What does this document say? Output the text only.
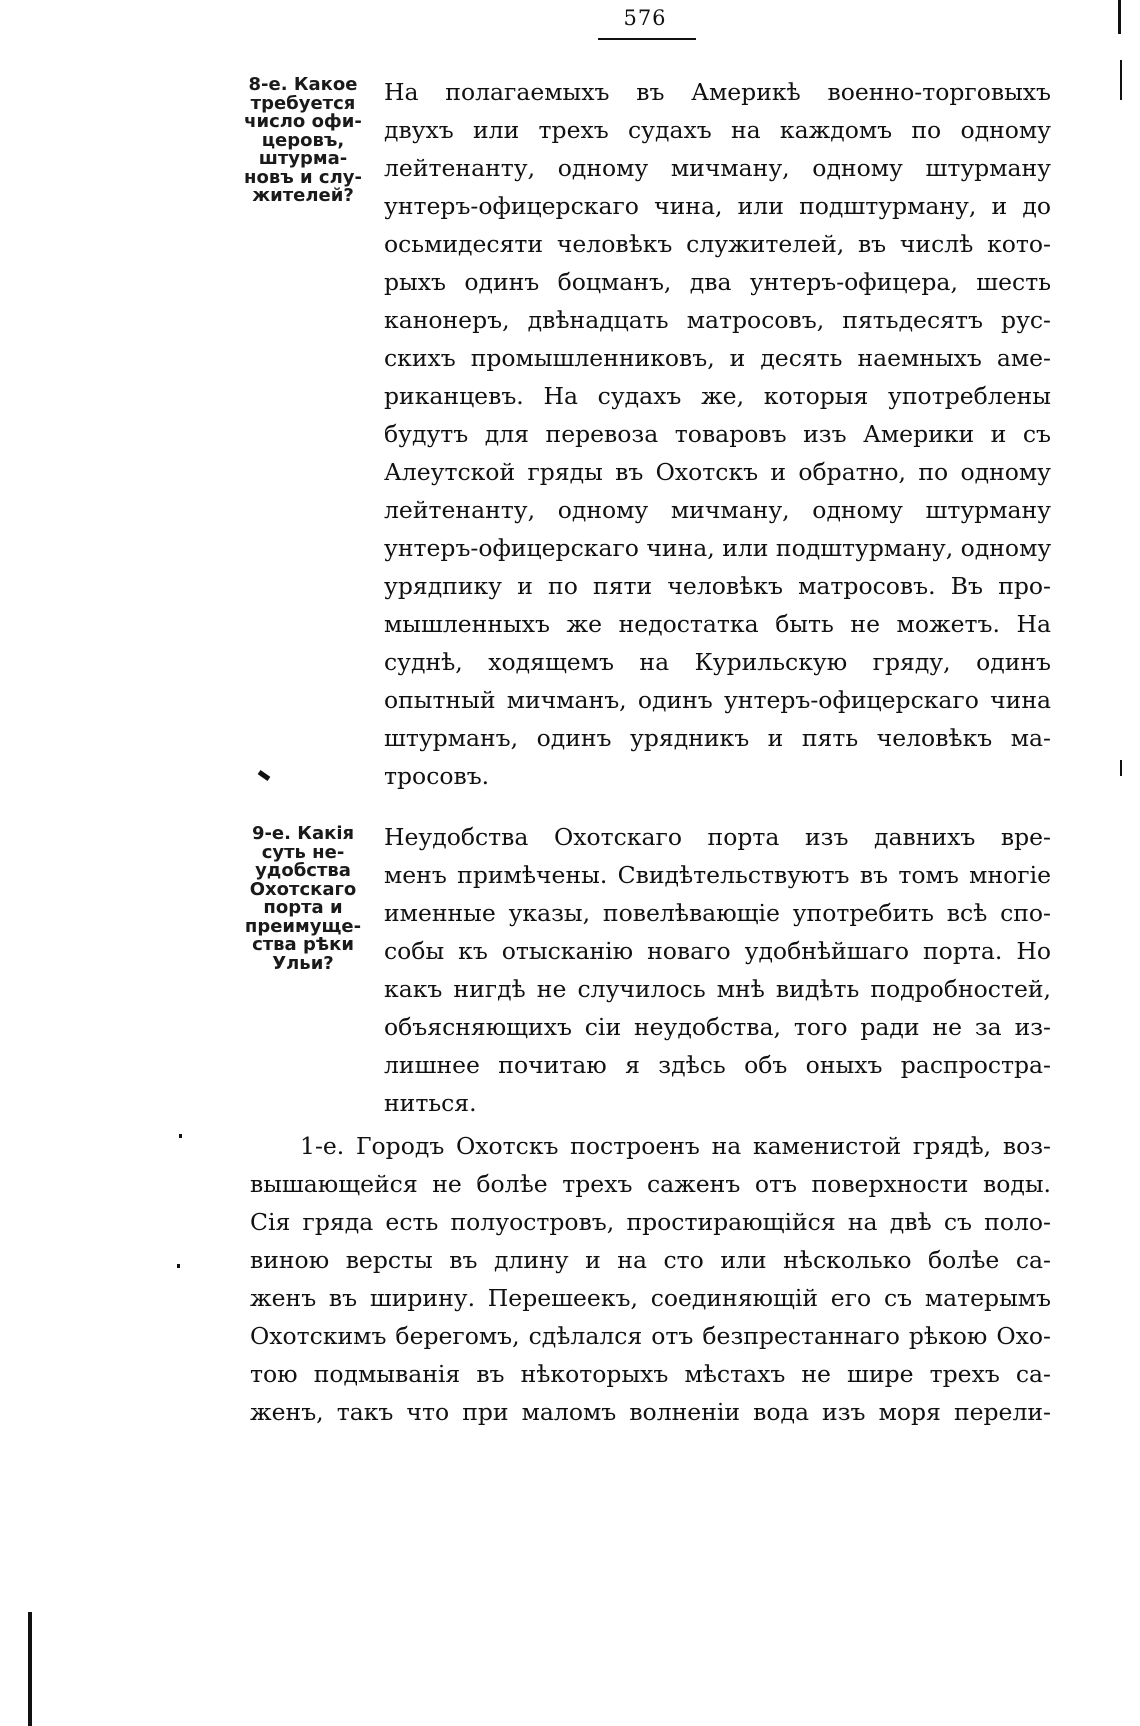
576
8-е. Какое
требуется
число офи-
церовъ,
штурма-
новъ и слу-
жителей?
9-е. Какія
суть не-
удобства
Охотскаго
порта и
преимуще-
ства рѣки
Ульи?
На полагаемыхъ въ Америкѣ военно-торговыхъ
двухъ или трехъ судахъ на каждомъ по одному
лейтенанту, одному мичману, одному штурману
унтеръ-офицерскаго чина, или подштурману, и до
осьмидесяти человѣкъ служителей, въ числѣ кото-
рыхъ одинъ боцманъ, два унтеръ-офицера, шесть
канонеръ, двѣнадцать матросовъ, пятьдесятъ рус-
скихъ промышленниковъ, и десять наемныхъ аме-
риканцевъ. На судахъ же, которыя употреблены
будутъ для перевоза товаровъ изъ Америки и съ
Алеутской гряды въ Охотскъ и обратно, по одному
лейтенанту, одному мичману, одному штурману
унтеръ-офицерскаго чина, или подштурману, одному
урядпику и по пяти человѣкъ матросовъ. Въ про-
мышленныхъ же недостатка быть не можетъ. На
суднѣ, ходящемъ на Курильскую гряду, одинъ
опытный мичманъ, одинъ унтеръ-офицерскаго чина
штурманъ, одинъ урядникъ и пять человѣкъ ма-
тросовъ.
Неудобства Охотскаго порта изъ давнихъ вре-
менъ примѣчены. Свидѣтельствуютъ въ томъ многіе
именные указы, повелѣвающіе употребить всѣ спо-
собы къ отысканію новаго удобнѣйшаго порта. Но
какъ нигдѣ не случилось мнѣ видѣть подробностей,
объясняющихъ сіи неудобства, того ради не за из-
лишнее почитаю я здѣсь объ оныхъ распростра-
ниться.
1-е. Городъ Охотскъ построенъ на каменистой грядѣ, воз-
вышающейся не болѣе трехъ саженъ отъ поверхности воды.
Сія гряда есть полуостровъ, простирающійся на двѣ съ поло-
виною версты въ длину и на сто или нѣсколько болѣе са-
женъ въ ширину. Перешеекъ, соединяющій его съ матерымъ
Охотскимъ берегомъ, сдѣлался отъ безпрестаннаго рѣкою Охо-
тою подмыванія въ нѣкоторыхъ мѣстахъ не шире трехъ са-
женъ, такъ что при маломъ волненіи вода изъ моря перели-
